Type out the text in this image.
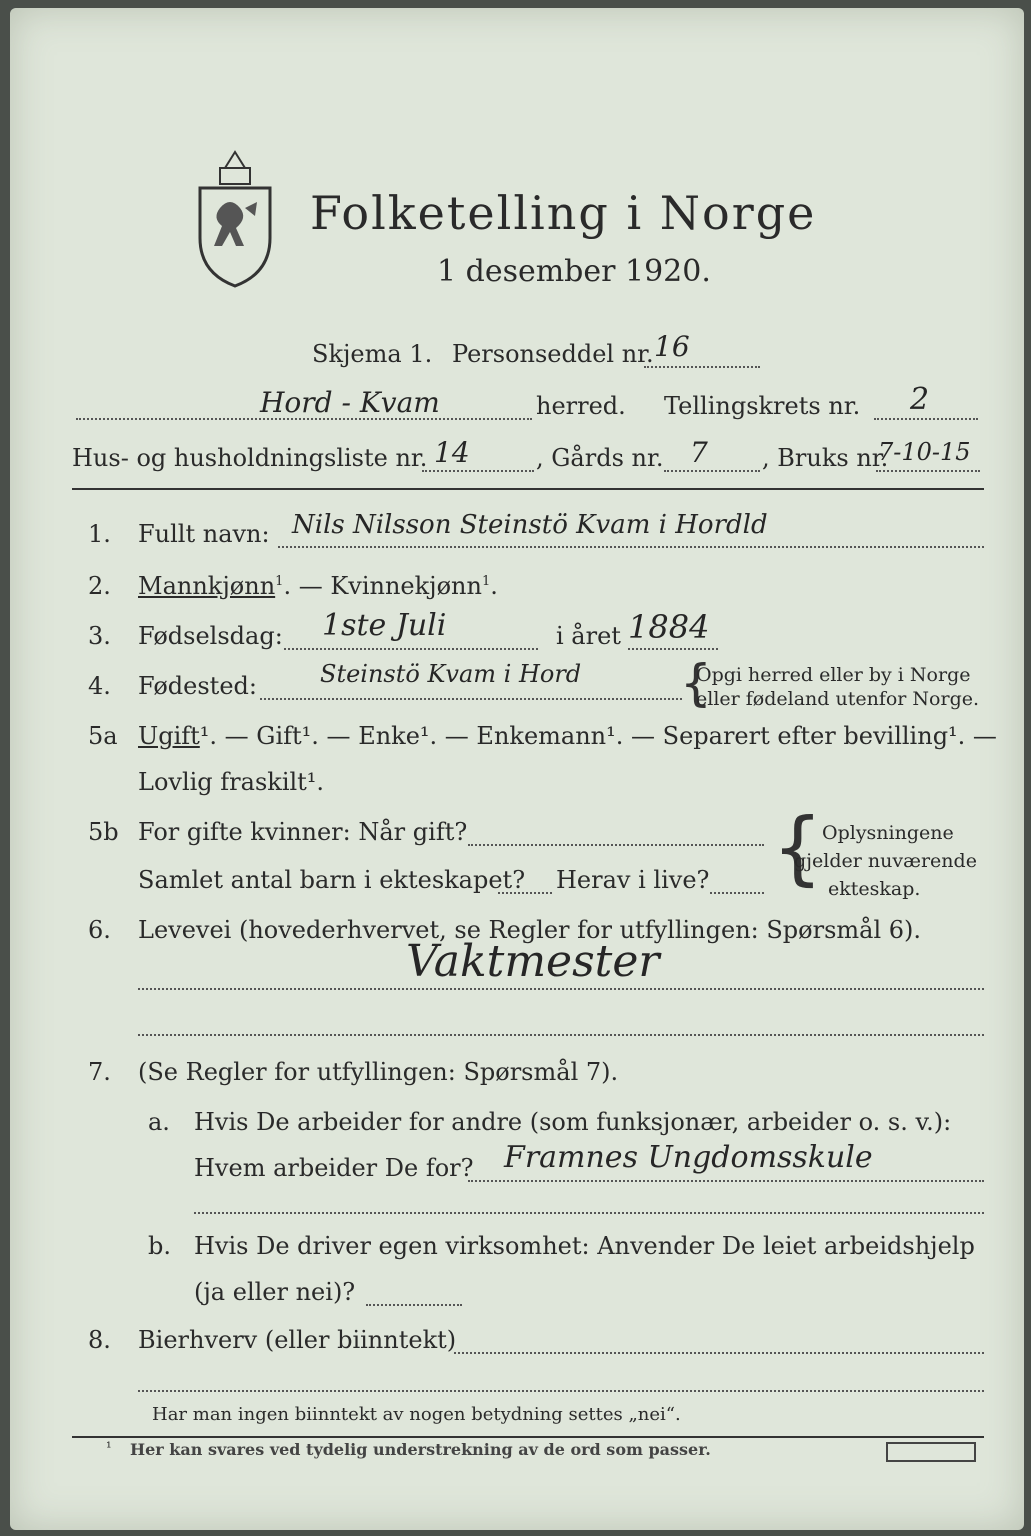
Folketelling i Norge
1 desember 1920.
Skjema 1. Personseddel nr. 16
Hord - Kvam	herred. Tellingskrets nr. 2
Hus- og husholdningsliste nr. 14	, Gårds nr. 7 , Bruks nr.
7-10-15
1. Fullt navn: Nils Nilsson Steinstö Kvam i Hordld
2. Mannkjønn$^1$. — Kvinnekjønn$^1$.
3. Fødselsdag: 1ste Juli	i året 1884
4. Fødested:	Steinstö Kvam i Hord {
Opgi herred eller by i Norge
eller fødeland utenfor Norge.
5a Ugift¹. — Gift¹. — Enke¹. — Enkemann¹. — Separert efter bevilling¹. —
Lovlig fraskilt¹.
5b For gifte kvinner: Når gift?
Samlet antal barn i ekteskapet? Herav i live? { Oplysningene
gjelder nuværende
ekteskap.
6. Levevei (hovederhvervet, se Regler for utfyllingen: Spørsmål 6).
Vaktmester
7. (Se Regler for utfyllingen: Spørsmål 7).
a. Hvis De arbeider for andre (som funksjonær, arbeider o. s. v.):
Hvem arbeider De for? Framnes Ungdomsskule
b. Hvis De driver egen virksomhet: Anvender De leiet arbeidshjelp
(ja eller nei)?
8. Bierhverv (eller biinntekt)
Har man ingen biinntekt av nogen betydning settes „nei“.
¹ Her kan svares ved tydelig understrekning av de ord som passer.
